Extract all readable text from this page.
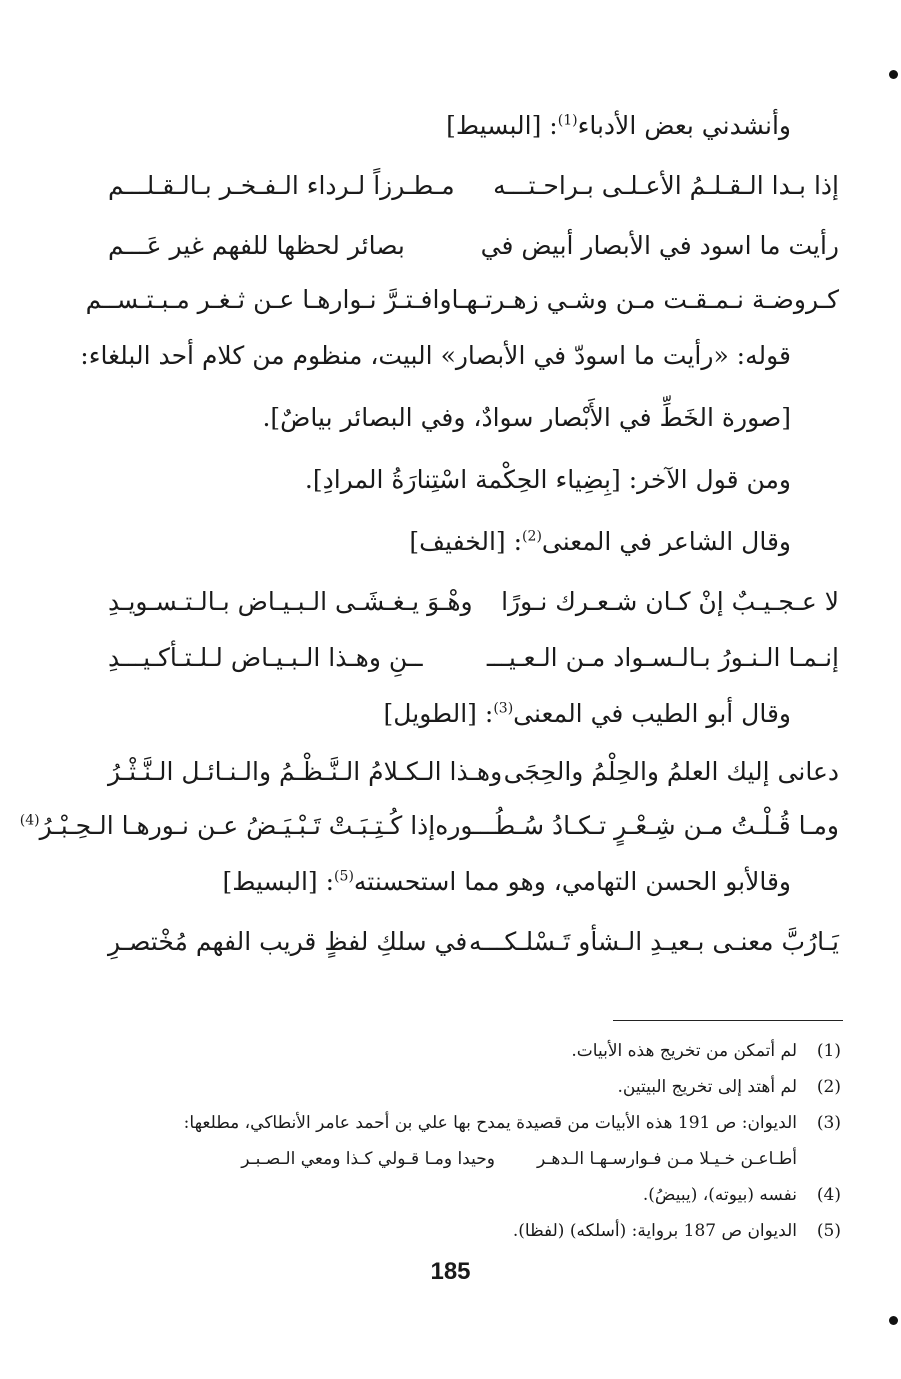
وأنشدني بعض الأدباء$^{(1)}$: [البسيط]
إذا بـدا الـقـلـمُ الأعـلـى بـراحـتـــه
مـطـرزاً لـرداء الـفـخـر بـالـقـلـــم
رأيت ما اسود في الأبصار أبيض في
بصائر لحظها للفهم غير عَـــم
كـروضـة نـمـقـت مـن وشـي زهـرتـهـا
وافـتـرَّ نـوارهـا عـن ثـغـر مـبـتـســم
قوله: «رأيت ما اسودّ في الأبصار» البيت، منظوم من كلام أحد البلغاء:
[صورة الخَطِّ في الأَبْصار سوادٌ، وفي البصائر بياضٌ].
ومن قول الآخر: [بِضِياء الحِكْمة اسْتِنارَةُ المرادِ].
وقال الشاعر في المعنى$^{(2)}$: [الخفيف]
لا عـجـيـبٌ إنْ كـان شـعـرك نـورًا
وهْـوَ يـغـشَـى الـبـيـاض بـالـتـسـويـدِ
إنـمـا الـنـورُ بـالـسـواد مـن الـعـيـــ
ــنِ وهـذا الـبـيـاض لـلـتـأكـيـــدِ
وقال أبو الطيب في المعنى$^{(3)}$: [الطويل]
دعانى إليك العلمُ والحِلْمُ والحِجَى
وهـذا الـكـلامُ الـنَّـظْـمُ والـنـائـل الـنَّـثْـرُ
ومـا قُـلْـتُ مـن شِـعْـرٍ تـكـادُ سُـطُـــوره
إذا كُـتِـبَـتْ تَـبْـيَـضُ عـن نـورهـا الـحِـبْـرُ$^{(4)}$
وقالأبو الحسن التهامي، وهو مما استحسنته$^{(5)}$: [البسيط]
يَـارُبَّ معنـى بـعيـدِ الـشأو تَـسْلـكـــه
في سلكِ لفظٍ قريب الفهم مُخْتصـرِ
(1)لم أتمكن من تخريج هذه الأبيات.
(2)لم أهتد إلى تخريج البيتين.
(3)الديوان: ص 191 هذه الأبيات من قصيدة يمدح بها علي بن أحمد عامر الأنطاكي، مطلعها:
أطـاعـن خـيـلا مـن فـوارسـهـا الـدهـر
وحيدا ومـا قـولي كـذا ومعي الـصـبـر
(4)نفسه (بيوته)، (يبيضُ).
(5)الديوان ص 187 برواية: (أسلكه) (لفظا).
185
